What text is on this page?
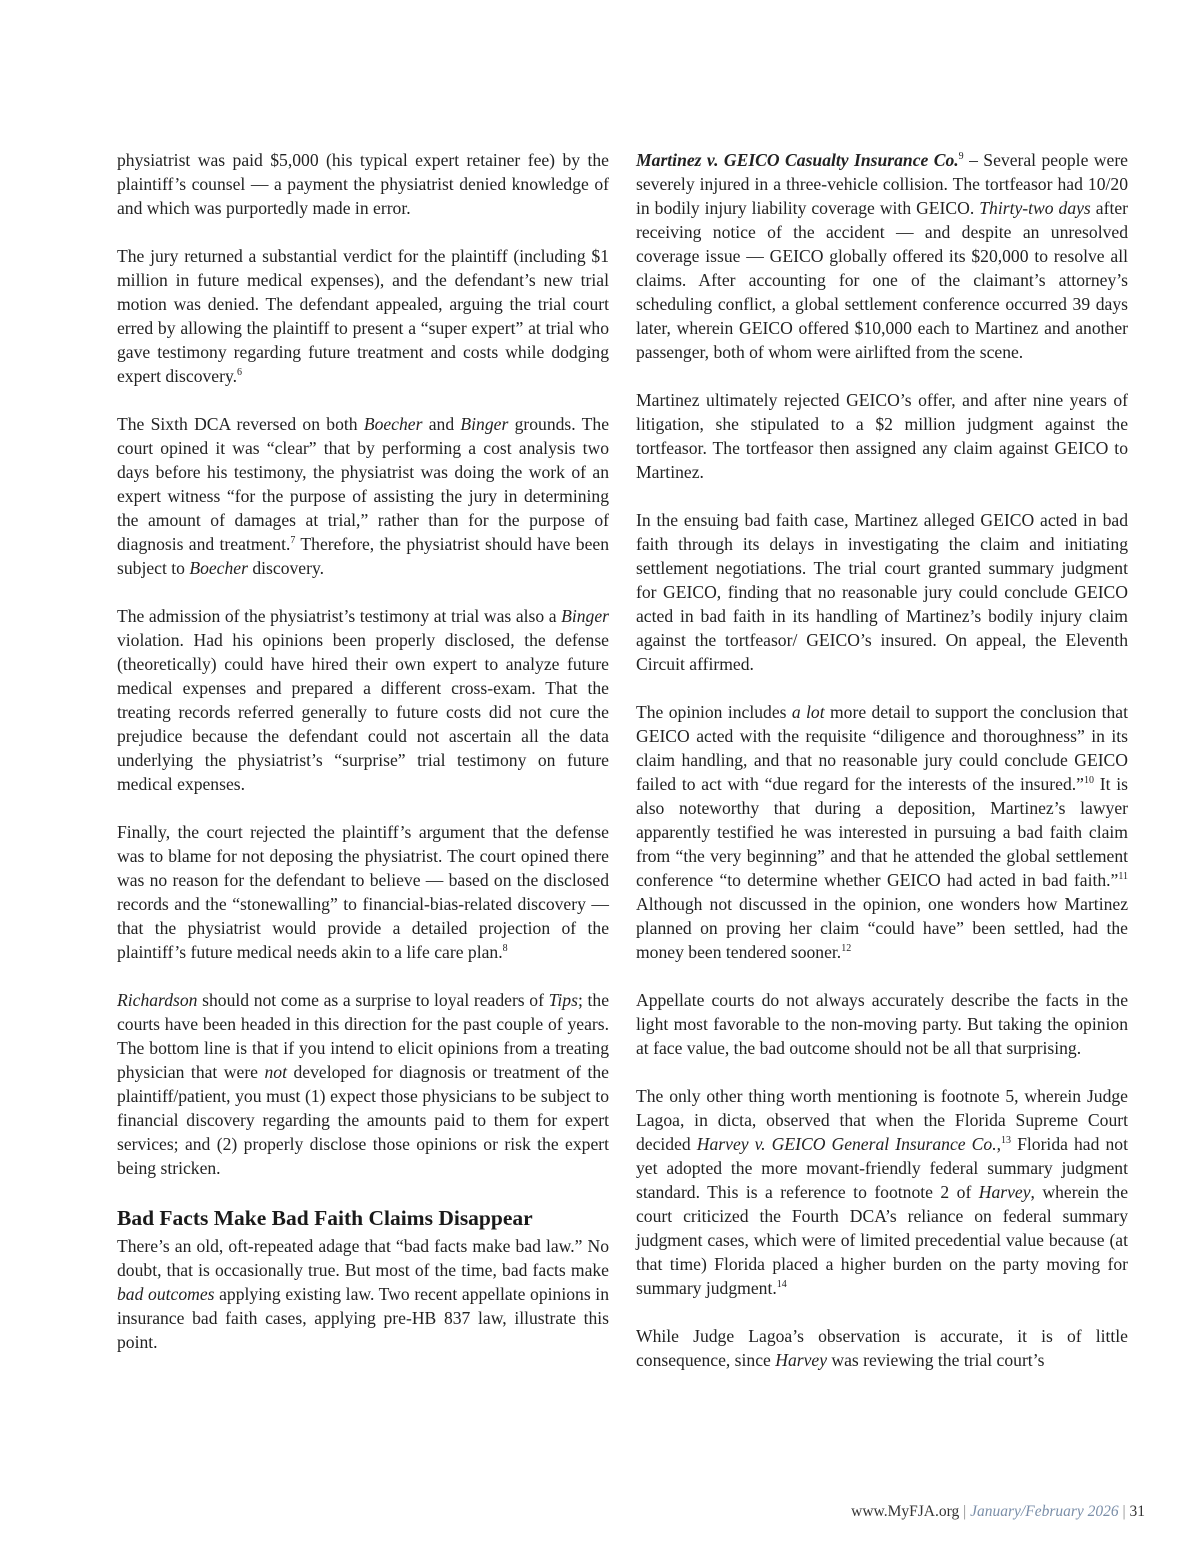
physiatrist was paid $5,000 (his typical expert retainer fee) by the plaintiff’s counsel — a payment the physiatrist denied knowledge of and which was purportedly made in error.

The jury returned a substantial verdict for the plaintiff (including $1 million in future medical expenses), and the defendant’s new trial motion was denied. The defendant appealed, arguing the trial court erred by allowing the plaintiff to present a “super expert” at trial who gave testimony regarding future treatment and costs while dodging expert discovery.$^6$

The Sixth DCA reversed on both Boecher and Binger grounds. The court opined it was “clear” that by performing a cost analysis two days before his testimony, the physiatrist was doing the work of an expert witness “for the purpose of assisting the jury in determining the amount of damages at trial,” rather than for the purpose of diagnosis and treatment.$^7$ Therefore, the physiatrist should have been subject to Boecher discovery.

The admission of the physiatrist’s testimony at trial was also a Binger violation. Had his opinions been properly disclosed, the defense (theoretically) could have hired their own expert to analyze future medical expenses and prepared a different cross-exam. That the treating records referred generally to future costs did not cure the prejudice because the defendant could not ascertain all the data underlying the physiatrist’s “surprise” trial testimony on future medical expenses.

Finally, the court rejected the plaintiff’s argument that the defense was to blame for not deposing the physiatrist. The court opined there was no reason for the defendant to believe — based on the disclosed records and the “stonewalling” to financial-bias-related discovery — that the physiatrist would provide a detailed projection of the plaintiff’s future medical needs akin to a life care plan.$^8$

Richardson should not come as a surprise to loyal readers of Tips; the courts have been headed in this direction for the past couple of years. The bottom line is that if you intend to elicit opinions from a treating physician that were not developed for diagnosis or treatment of the plaintiff/patient, you must (1) expect those physicians to be subject to financial discovery regarding the amounts paid to them for expert services; and (2) properly disclose those opinions or risk the expert being stricken.

Bad Facts Make Bad Faith Claims Disappear

There’s an old, oft-repeated adage that “bad facts make bad law.” No doubt, that is occasionally true. But most of the time, bad facts make bad outcomes applying existing law. Two recent appellate opinions in insurance bad faith cases, applying pre-HB 837 law, illustrate this point.

Martinez v. GEICO Casualty Insurance Co.$^9$ – Several people were severely injured in a three-vehicle collision. The tortfeasor had 10/20 in bodily injury liability coverage with GEICO. Thirty-two days after receiving notice of the accident — and despite an unresolved coverage issue — GEICO globally offered its $20,000 to resolve all claims. After accounting for one of the claimant’s attorney’s scheduling conflict, a global settlement conference occurred 39 days later, wherein GEICO offered $10,000 each to Martinez and another passenger, both of whom were airlifted from the scene.

Martinez ultimately rejected GEICO’s offer, and after nine years of litigation, she stipulated to a $2 million judgment against the tortfeasor. The tortfeasor then assigned any claim against GEICO to Martinez.

In the ensuing bad faith case, Martinez alleged GEICO acted in bad faith through its delays in investigating the claim and initiating settlement negotiations. The trial court granted summary judgment for GEICO, finding that no reasonable jury could conclude GEICO acted in bad faith in its handling of Martinez’s bodily injury claim against the tortfeasor/ GEICO’s insured. On appeal, the Eleventh Circuit affirmed.

The opinion includes a lot more detail to support the conclusion that GEICO acted with the requisite “diligence and thoroughness” in its claim handling, and that no reasonable jury could conclude GEICO failed to act with “due regard for the interests of the insured.”$^{10}$ It is also noteworthy that during a deposition, Martinez’s lawyer apparently testified he was interested in pursuing a bad faith claim from “the very beginning” and that he attended the global settlement conference “to determine whether GEICO had acted in bad faith.”$^{11}$ Although not discussed in the opinion, one wonders how Martinez planned on proving her claim “could have” been settled, had the money been tendered sooner.$^{12}$

Appellate courts do not always accurately describe the facts in the light most favorable to the non-moving party. But taking the opinion at face value, the bad outcome should not be all that surprising.

The only other thing worth mentioning is footnote 5, wherein Judge Lagoa, in dicta, observed that when the Florida Supreme Court decided Harvey v. GEICO General Insurance Co.,$^{13}$ Florida had not yet adopted the more movant-friendly federal summary judgment standard. This is a reference to footnote 2 of Harvey, wherein the court criticized the Fourth DCA’s reliance on federal summary judgment cases, which were of limited precedential value because (at that time) Florida placed a higher burden on the party moving for summary judgment.$^{14}$

While Judge Lagoa’s observation is accurate, it is of little consequence, since Harvey was reviewing the trial court’s

www.MyFJA.org | January/February 2026 | 31
